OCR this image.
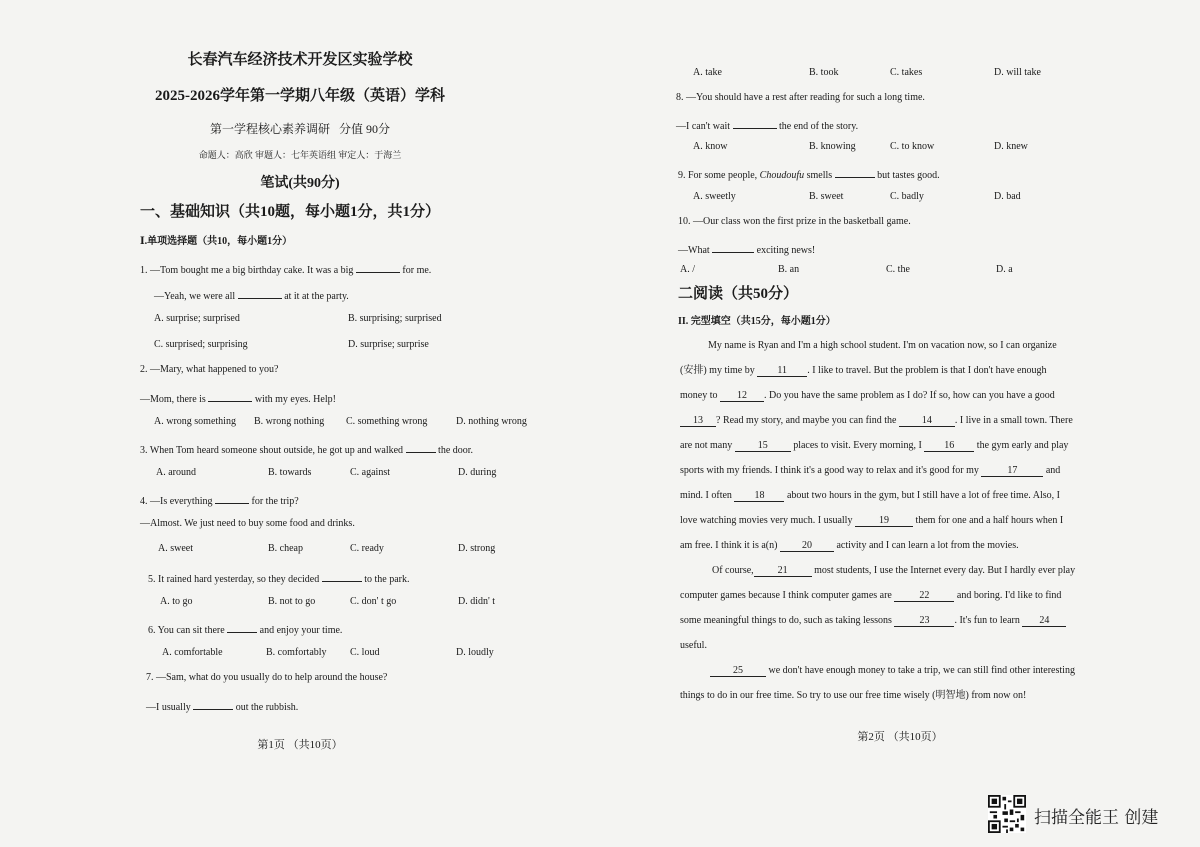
长春汽车经济技术开发区实验学校
2025-2026学年第一学期八年级（英语）学科
第一学程核心素养调研 分值 90分
命题人：高欣 审题人：七年英语组 审定人：于海兰
笔试(共90分)
一、基础知识（共10题，每小题1分，共1分）
Ⅰ.单项选择题（共10，每小题1分）
1. —Tom bought me a big birthday cake. It was a big	for me.
—Yeah, we were all	at it at the party.
A. surprise; surprised	B. surprising; surprised
C. surprised; surprising	D. surprise; surprise
2. —Mary, what happened to you?
—Mom, there is	with my eyes. Help!
A. wrong something B. wrong nothing C. something wrong	D. nothing wrong
3. When Tom heard someone shout outside, he got up and walked	the door.
A. around	B. towards	C. against	D. during
4. —Is everything	for the trip?
—Almost. We just need to buy some food and drinks.
A. sweet	B. cheap	C. ready	D. strong
5. It rained hard yesterday, so they decided	to the park.
A. to go	B. not to go	C. don' t go	D. didn' t
6. You can sit there	and enjoy your time.
A. comfortable	B. comfortably C. loud	D. loudly
7. —Sam, what do you usually do to help around the house?
—I usually	out the rubbish.
第1页 （共10页）
A. take	B. took	C. takes	D. will take
8. —You should have a rest after reading for such a long time.
—I can't wait	the end of the story.
A. know	B. knowing	C. to know	D. knew
9. For some people, Choudoufu smells	but tastes good.
A. sweetly	B. sweet	C. badly	D. bad
10. —Our class won the first prize in the basketball game.
—What	exciting news!
A. /	B. an	C. the	D. a
二阅读（共50分）
II. 完型填空（共15分，每小题1分）
My name is Ryan and I'm a high school student. I'm on vacation now, so I can organize
(安排) my time by 11 . I like to travel. But the problem is that I don't have enough
money to 12 . Do you have the same problem as I do? If so, how can you have a good
13 ? Read my story, and maybe you can find the	14 . I live in a small town. There
are not many	15	places to visit. Every morning, I 16 the gym early and play
sports with my friends. I think it's a good way to relax and it's good for my	17	and
mind. I often 18 about two hours in the gym, but I still have a lot of free time. Also, I
love watching movies very much. I usually	19	them for one and a half hours when I
am free. I think it is a(n) 20 activity and I can learn a lot from the movies.
Of course, 21	most students, I use the Internet every day. But I hardly ever play
computer games because I think computer games are	22	and boring. I'd like to find
some meaningful things to do, such as taking lessons	23	. It's fun to learn 24
useful.
25	we don't have enough money to take a trip, we can still find other interesting
things to do in our free time. So try to use our free time wisely (明智地) from now on!
第2页 （共10页）
扫描全能王 创建
